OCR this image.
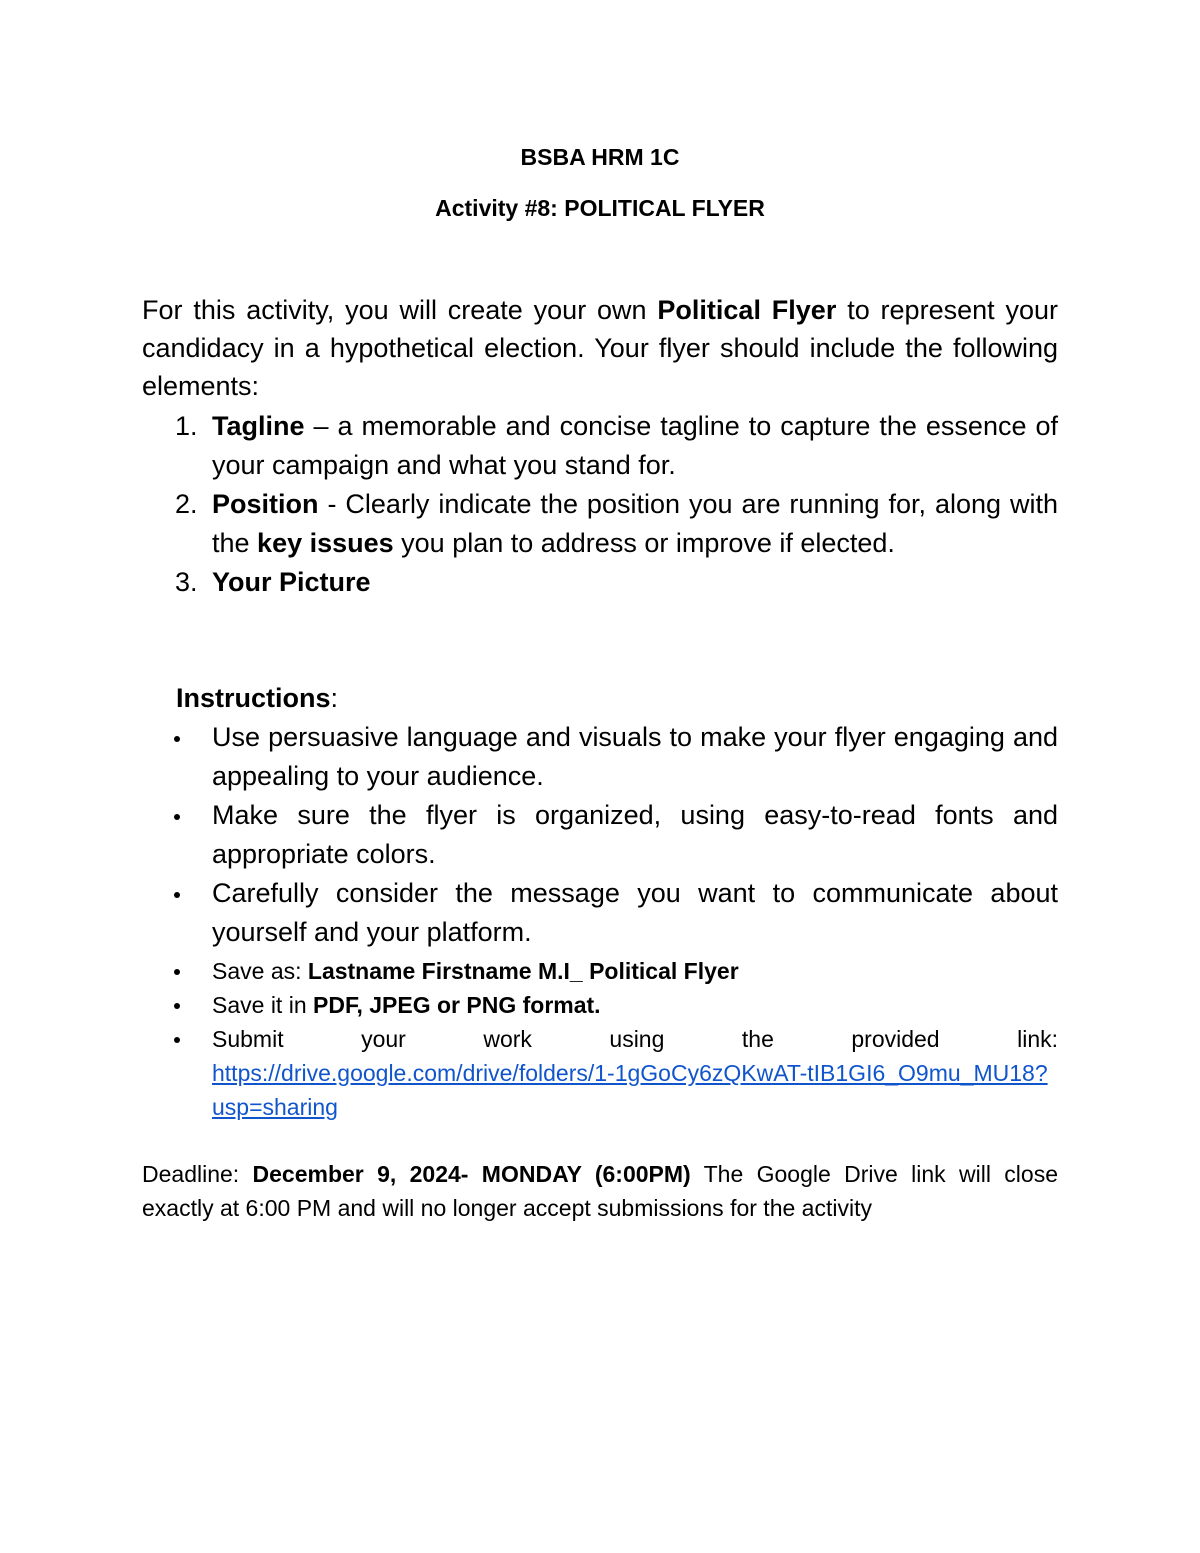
BSBA HRM 1C
Activity #8: POLITICAL FLYER

For this activity, you will create your own Political Flyer to represent your candidacy in a hypothetical election. Your flyer should include the following elements:

1. Tagline – a memorable and concise tagline to capture the essence of your campaign and what you stand for.
2. Position - Clearly indicate the position you are running for, along with the key issues you plan to address or improve if elected.
3. Your Picture

Instructions:

Use persuasive language and visuals to make your flyer engaging and appealing to your audience.
Make sure the flyer is organized, using easy-to-read fonts and appropriate colors.
Carefully consider the message you want to communicate about yourself and your platform.
Save as: Lastname Firstname M.I_ Political Flyer
Save it in PDF, JPEG or PNG format.
Submit your work using the provided link:
https://drive.google.com/drive/folders/1-1gGoCy6zQKwAT-tIB1GI6_O9mu_MU18?usp=sharing

Deadline: December 9, 2024- MONDAY (6:00PM) The Google Drive link will close exactly at 6:00 PM and will no longer accept submissions for the activity
